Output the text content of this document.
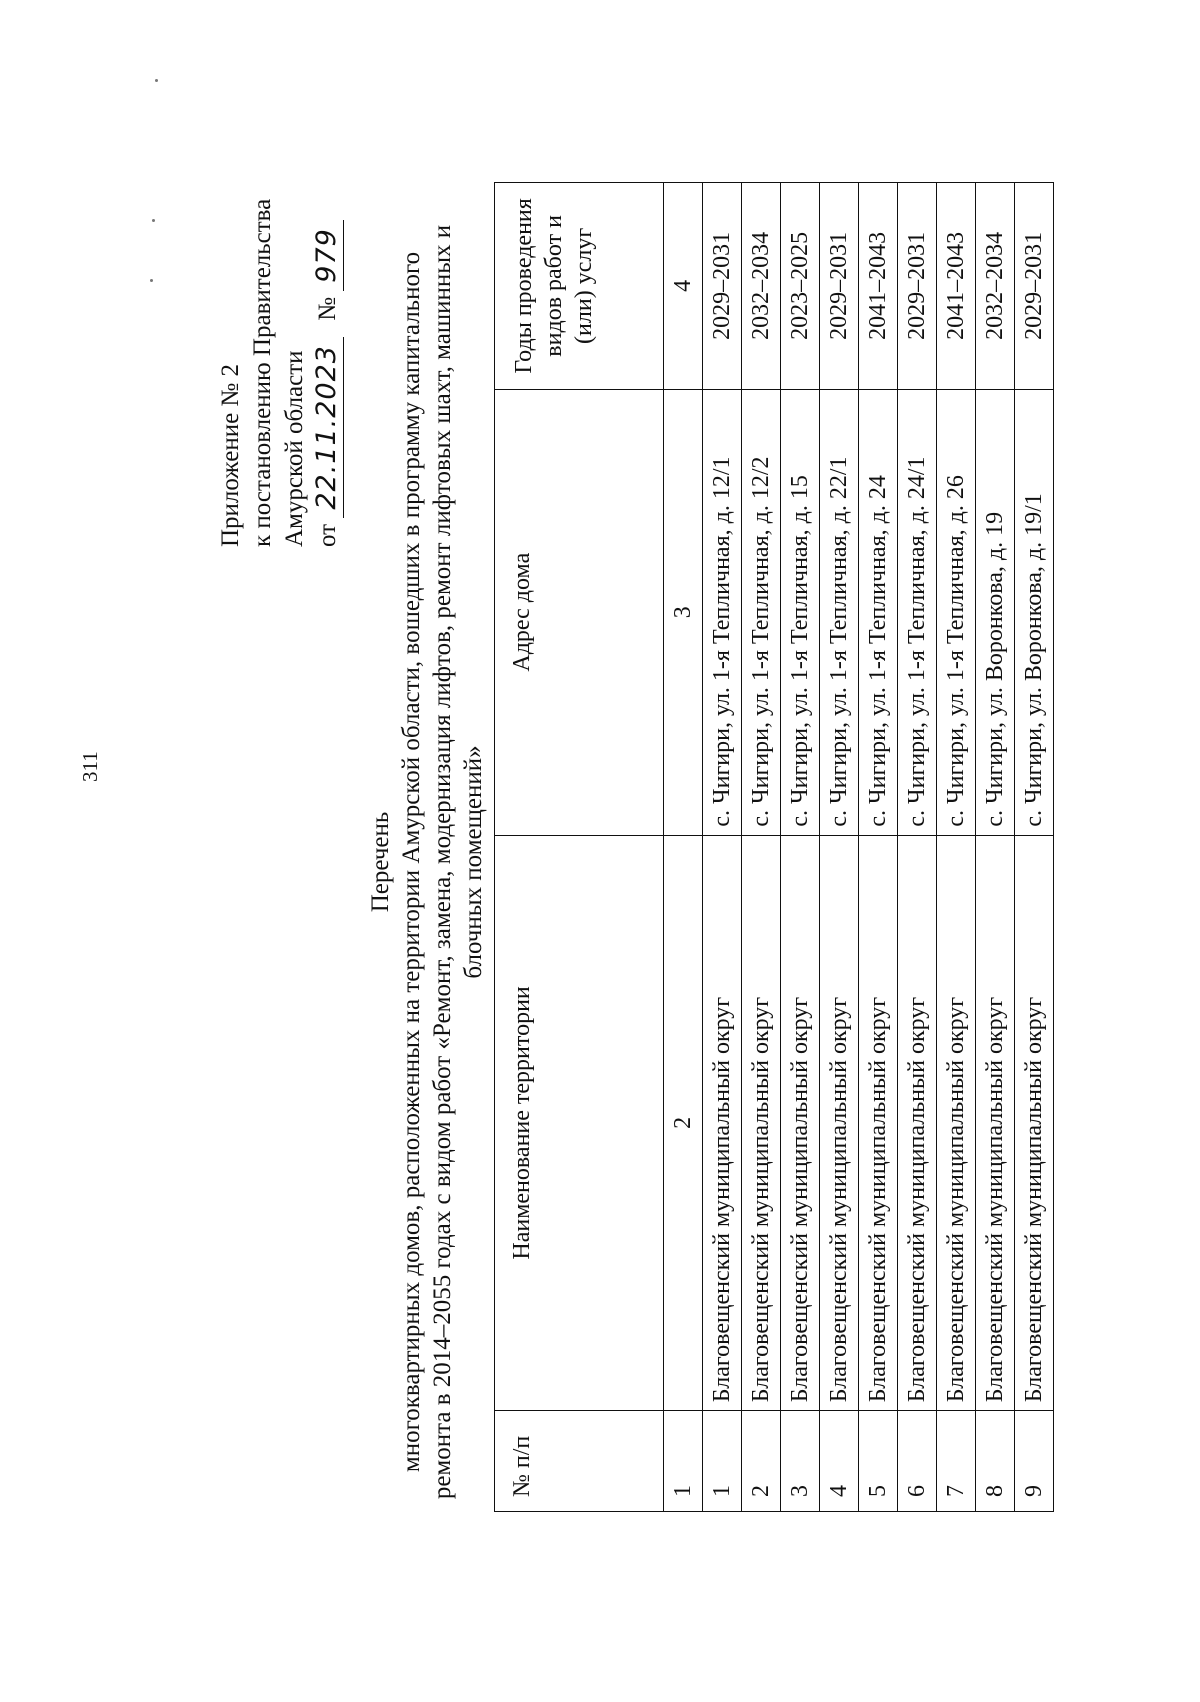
311
Приложение № 2 к постановлению Правительства Амурской области от 22.11.2023 № 979
Перечень многоквартирных домов, расположенных на территории Амурской области, вошедших в программу капитального ремонта в 2014–2055 годах с видом работ «Ремонт, замена, модернизация лифтов, ремонт лифтовых шахт, машинных и блочных помещений»
№ п/п	Наименование территории	Адрес дома	Годы проведения видов работ и (или) услуг
1	2	3	4
1	Благовещенский муниципальный округ	с. Чигири, ул. 1-я Тепличная, д. 12/1	2029–2031
2	Благовещенский муниципальный округ	с. Чигири, ул. 1-я Тепличная, д. 12/2	2032–2034
3	Благовещенский муниципальный округ	с. Чигири, ул. 1-я Тепличная, д. 15	2023–2025
4	Благовещенский муниципальный округ	с. Чигири, ул. 1-я Тепличная, д. 22/1	2029–2031
5	Благовещенский муниципальный округ	с. Чигири, ул. 1-я Тепличная, д. 24	2041–2043
6	Благовещенский муниципальный округ	с. Чигири, ул. 1-я Тепличная, д. 24/1	2029–2031
7	Благовещенский муниципальный округ	с. Чигири, ул. 1-я Тепличная, д. 26	2041–2043
8	Благовещенский муниципальный округ	с. Чигири, ул. Воронкова, д. 19	2032–2034
9	Благовещенский муниципальный округ	с. Чигири, ул. Воронкова, д. 19/1	2029–2031
